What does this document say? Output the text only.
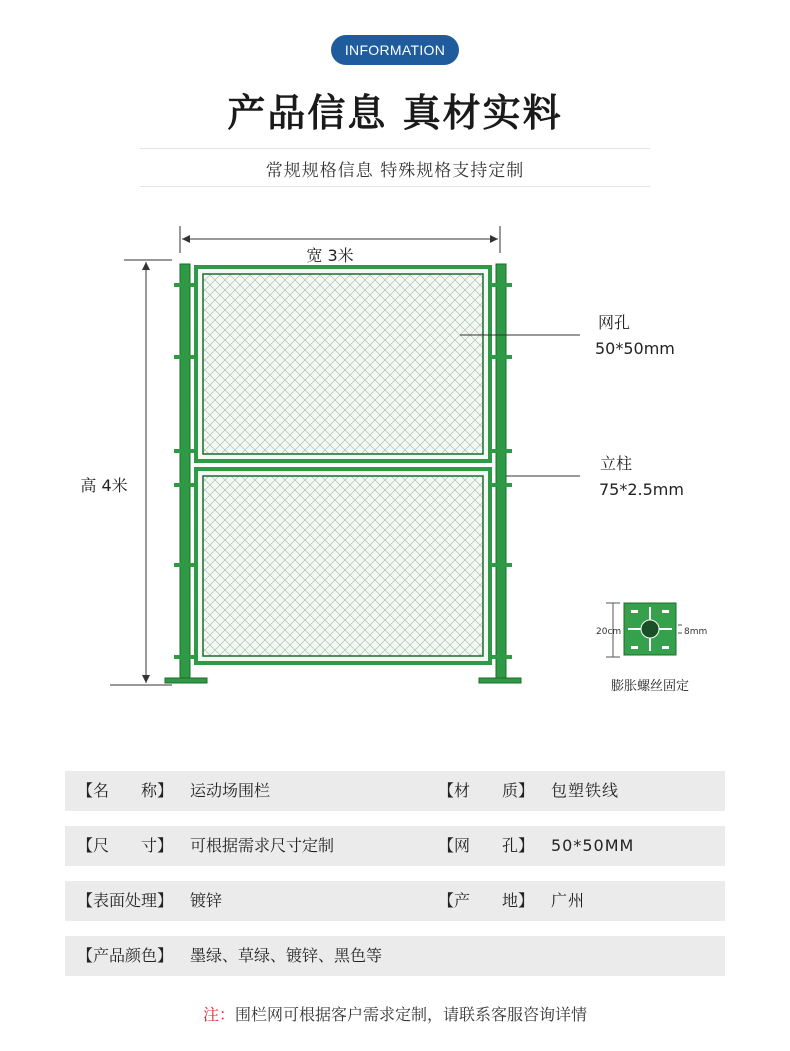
INFORMATION
产品信息 真材实料
常规规格信息 特殊规格支持定制
宽 3米
高 4米
网孔
50*50mm
立柱
75*2.5mm
20cm	8mm
膨胀螺丝固定
【名　　称】	运动场围栏	【材　　质】	包塑铁线
【尺　　寸】	可根据需求尺寸定制	【网　　孔】	50*50MM
【表面处理】	镀锌	【产　　地】	广州
【产品颜色】	墨绿、草绿、镀锌、黑色等
注：围栏网可根据客户需求定制，请联系客服咨询详情
